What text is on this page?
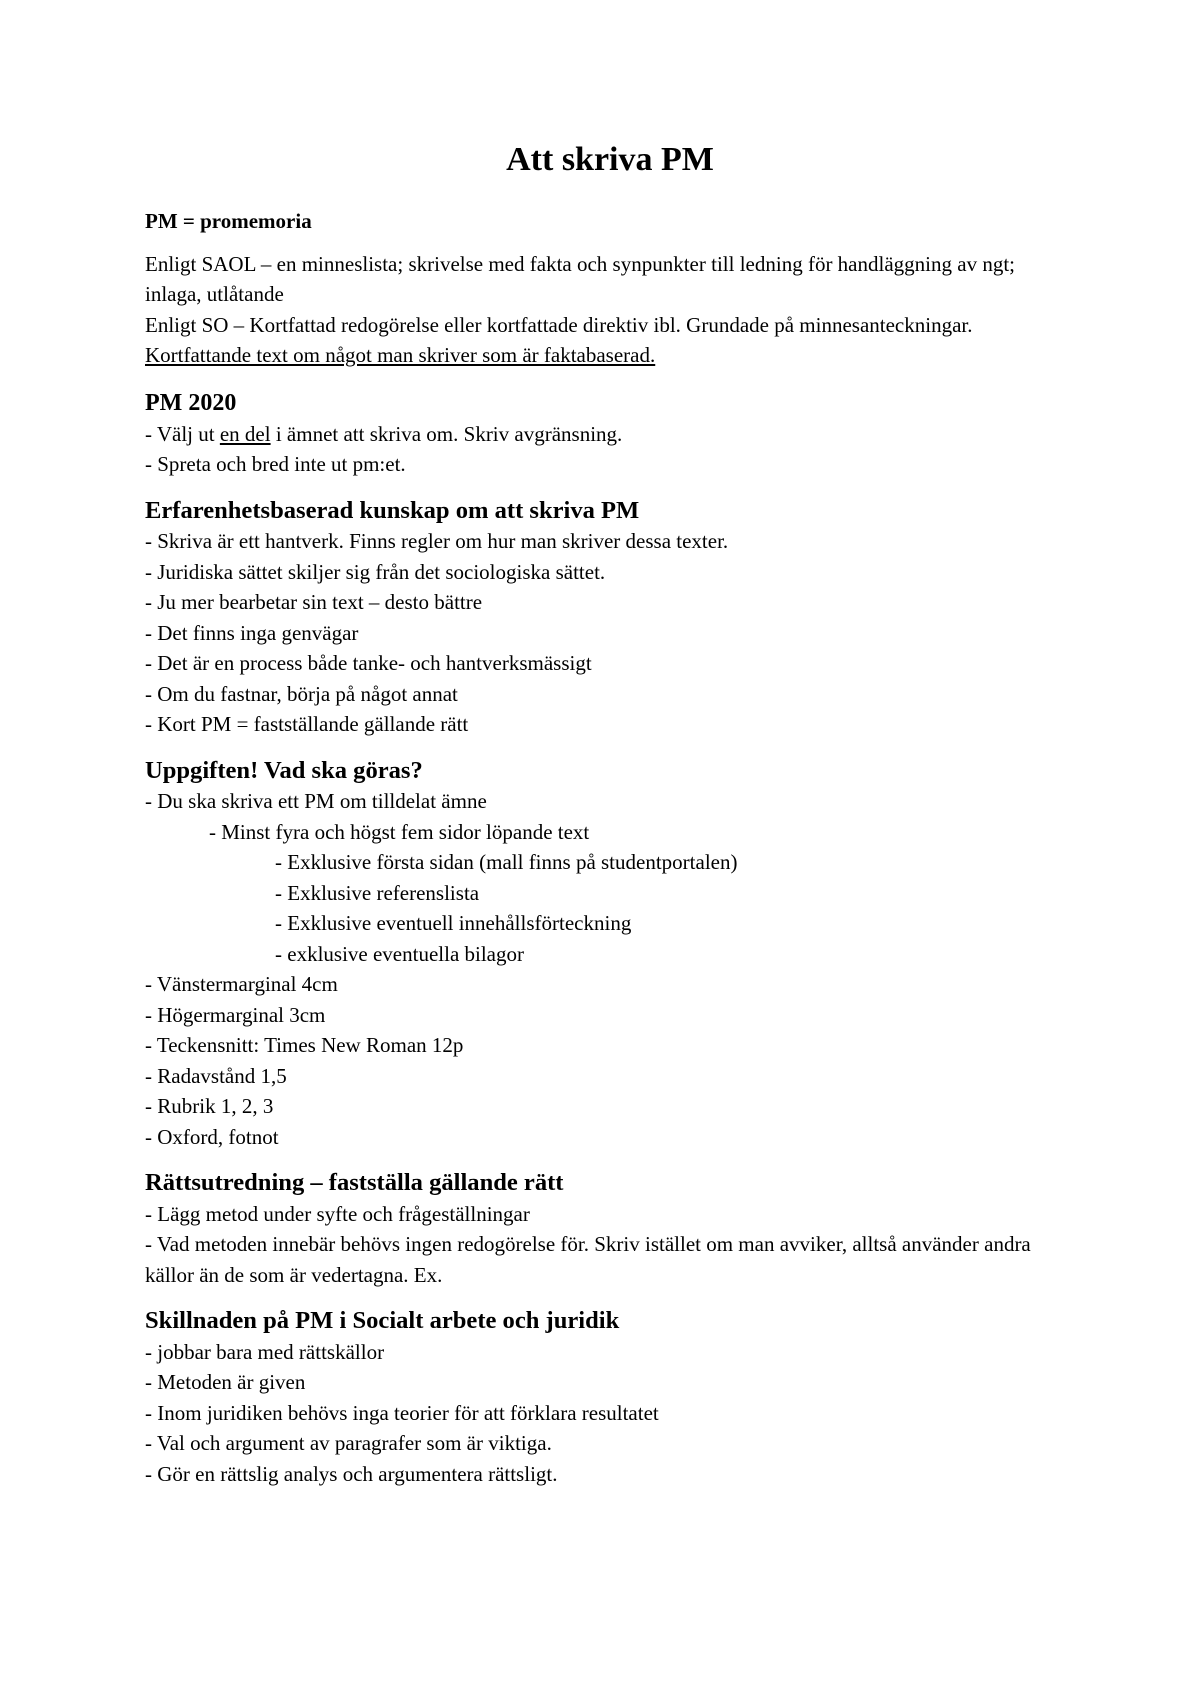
Att skriva PM

PM = promemoria

Enligt SAOL – en minneslista; skrivelse med fakta och synpunkter till ledning för handläggning av ngt; inlaga, utlåtande

Enligt SO – Kortfattad redogörelse eller kortfattade direktiv ibl. Grundade på minnesanteckningar.

Kortfattande text om något man skriver som är faktabaserad.

PM 2020

- Välj ut en del i ämnet att skriva om. Skriv avgränsning.

- Spreta och bred inte ut pm:et.

Erfarenhetsbaserad kunskap om att skriva PM

- Skriva är ett hantverk. Finns regler om hur man skriver dessa texter.

- Juridiska sättet skiljer sig från det sociologiska sättet.

- Ju mer bearbetar sin text – desto bättre

- Det finns inga genvägar

- Det är en process både tanke- och hantverksmässigt

- Om du fastnar, börja på något annat

- Kort PM = fastställande gällande rätt

Uppgiften! Vad ska göras?

- Du ska skriva ett PM om tilldelat ämne

- Minst fyra och högst fem sidor löpande text

- Exklusive första sidan (mall finns på studentportalen)

- Exklusive referenslista

- Exklusive eventuell innehållsförteckning

- exklusive eventuella bilagor

- Vänstermarginal 4cm

- Högermarginal 3cm

- Teckensnitt: Times New Roman 12p

- Radavstånd 1,5

- Rubrik 1, 2, 3

- Oxford, fotnot

Rättsutredning – fastställa gällande rätt

- Lägg metod under syfte och frågeställningar

- Vad metoden innebär behövs ingen redogörelse för. Skriv istället om man avviker, alltså använder andra källor än de som är vedertagna. Ex.

Skillnaden på PM i Socialt arbete och juridik

- jobbar bara med rättskällor

- Metoden är given

- Inom juridiken behövs inga teorier för att förklara resultatet

- Val och argument av paragrafer som är viktiga.

- Gör en rättslig analys och argumentera rättsligt.
